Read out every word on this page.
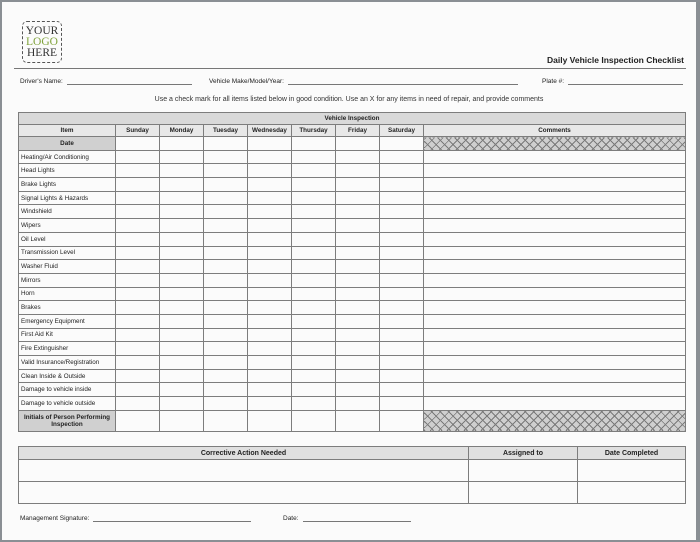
YOUR
LOGO
HERE
Daily Vehicle Inspection Checklist
Driver's Name:	Vehicle Make/Model/Year:	Plate #:
Use a check mark for all items listed below in good condition. Use an X for any items in need of repair, and provide comments
Vehicle Inspection								
Item	Sunday	Monday	Tuesday	Wednesday	Thursday	Friday	Saturday	Comments
Date								
Heating/Air Conditioning								
Head Lights								
Brake Lights								
Signal Lights & Hazards								
Windshield								
Wipers								
Oil Level								
Transmission Level								
Washer Fluid								
Mirrors								
Horn								
Brakes								
Emergency Equipment								
First Aid Kit								
Fire Extinguisher								
Valid Insurance/Registration								
Clean Inside & Outside								
Damage to vehicle inside								
Damage to vehicle outside								
Initials of Person Performing Inspection								
Corrective Action Needed	Assigned to	Date Completed

Management Signature:	Date:
